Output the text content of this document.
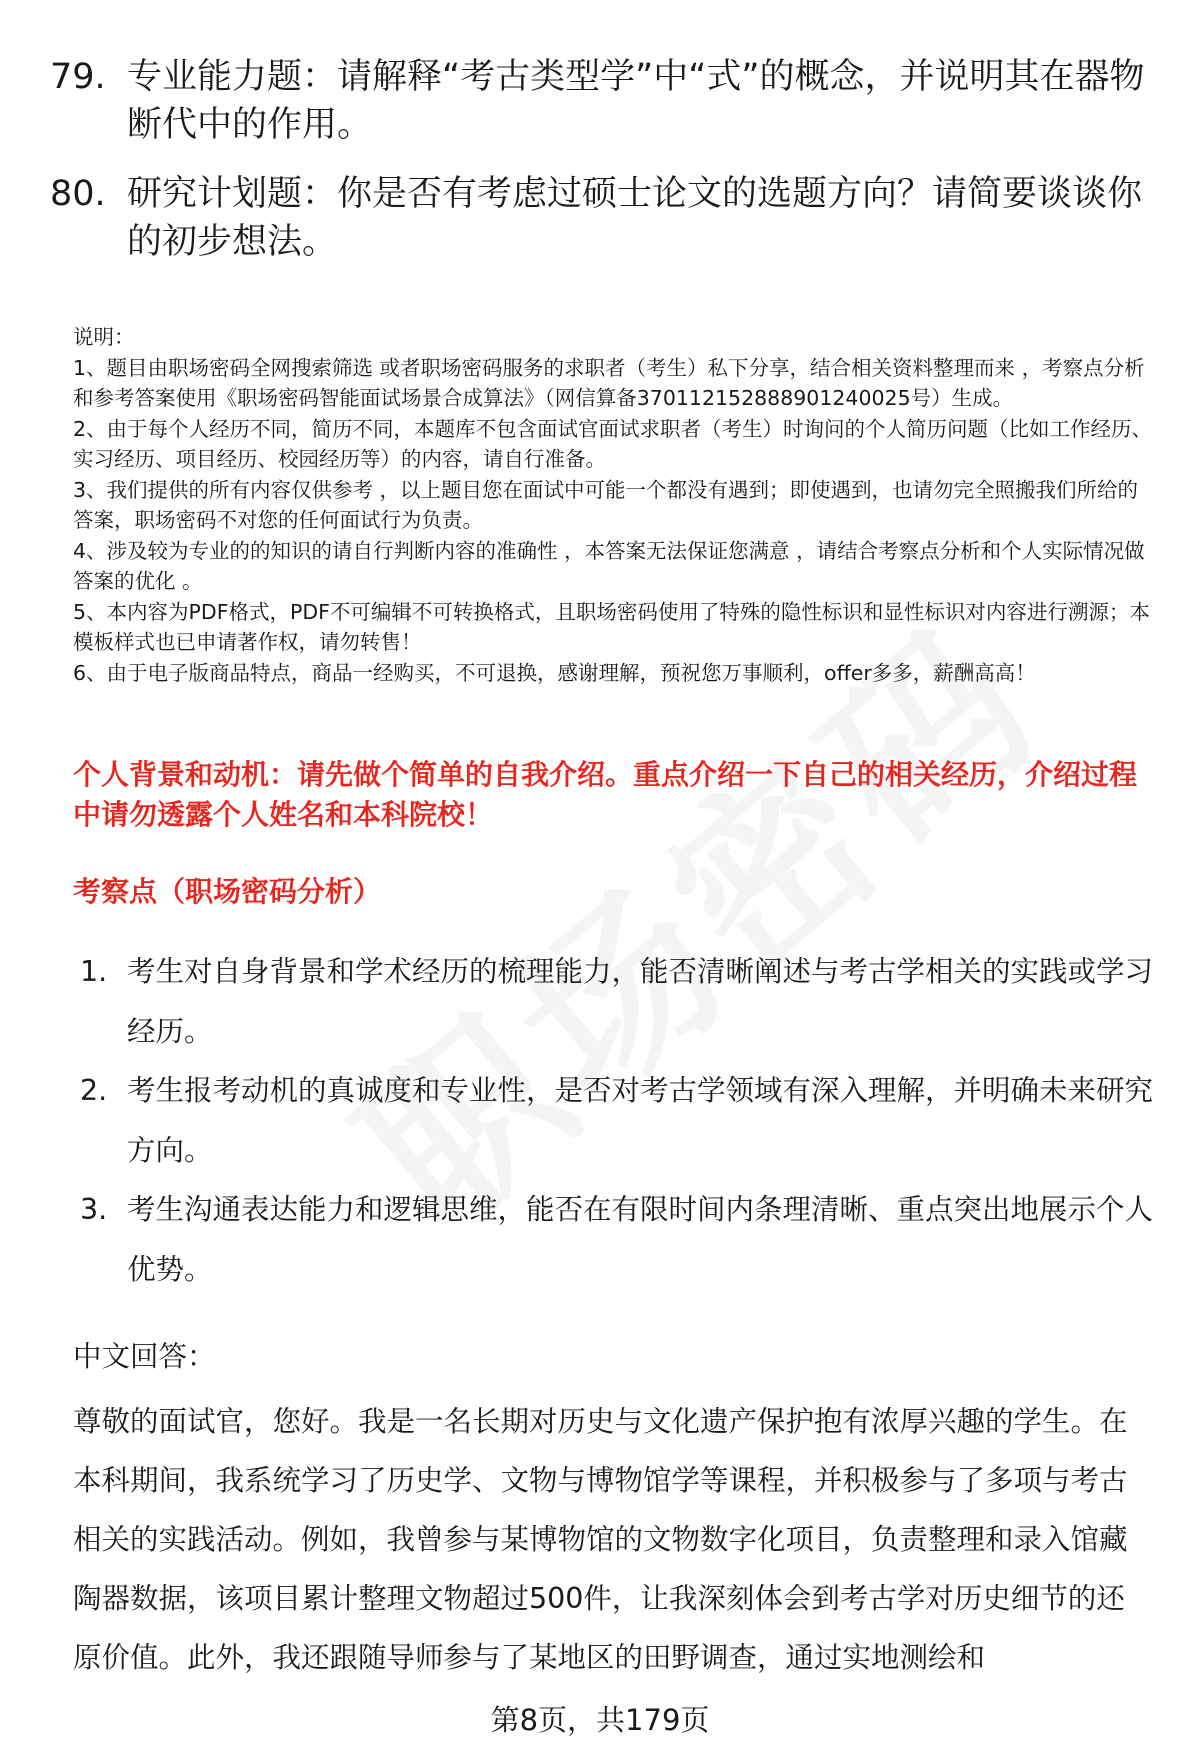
79. 专业能力题：请解释“考古类型学”中“式”的概念，并说明其在器物断代中的作用。
80. 研究计划题：你是否有考虑过硕士论文的选题方向？请简要谈谈你的初步想法。
说明：
1、题目由职场密码全网搜索筛选 或者职场密码服务的求职者（考生）私下分享，结合相关资料整理而来 ，考察点分析和参考答案使用《职场密码智能面试场景合成算法》（网信算备370112152888901240025号）生成。
2、由于每个人经历不同，简历不同，本题库不包含面试官面试求职者（考生）时询问的个人简历问题（比如工作经历、实习经历、项目经历、校园经历等）的内容，请自行准备。
3、我们提供的所有内容仅供参考 ，以上题目您在面试中可能一个都没有遇到；即使遇到，也请勿完全照搬我们所给的答案，职场密码不对您的任何面试行为负责。
4、涉及较为专业的的知识的请自行判断内容的准确性 ，本答案无法保证您满意 ，请结合考察点分析和个人实际情况做答案的优化 。
5、本内容为PDF格式，PDF不可编辑不可转换格式，且职场密码使用了特殊的隐性标识和显性标识对内容进行溯源；本模板样式也已申请著作权，请勿转售！
6、由于电子版商品特点，商品一经购买，不可退换，感谢理解，预祝您万事顺利，offer多多，薪酬高高！
个人背景和动机：请先做个简单的自我介绍。重点介绍一下自己的相关经历，介绍过程中请勿透露个人姓名和本科院校！
考察点（职场密码分析）
1. 考生对自身背景和学术经历的梳理能力，能否清晰阐述与考古学相关的实践或学习经历。
2. 考生报考动机的真诚度和专业性，是否对考古学领域有深入理解，并明确未来研究方向。
3. 考生沟通表达能力和逻辑思维，能否在有限时间内条理清晰、重点突出地展示个人优势。
中文回答：
尊敬的面试官，您好。我是一名长期对历史与文化遗产保护抱有浓厚兴趣的学生。在本科期间，我系统学习了历史学、文物与博物馆学等课程，并积极参与了多项与考古相关的实践活动。例如，我曾参与某博物馆的文物数字化项目，负责整理和录入馆藏陶器数据，该项目累计整理文物超过500件，让我深刻体会到考古学对历史细节的还原价值。此外，我还跟随导师参与了某地区的田野调查，通过实地测绘和
第8页，共179页
